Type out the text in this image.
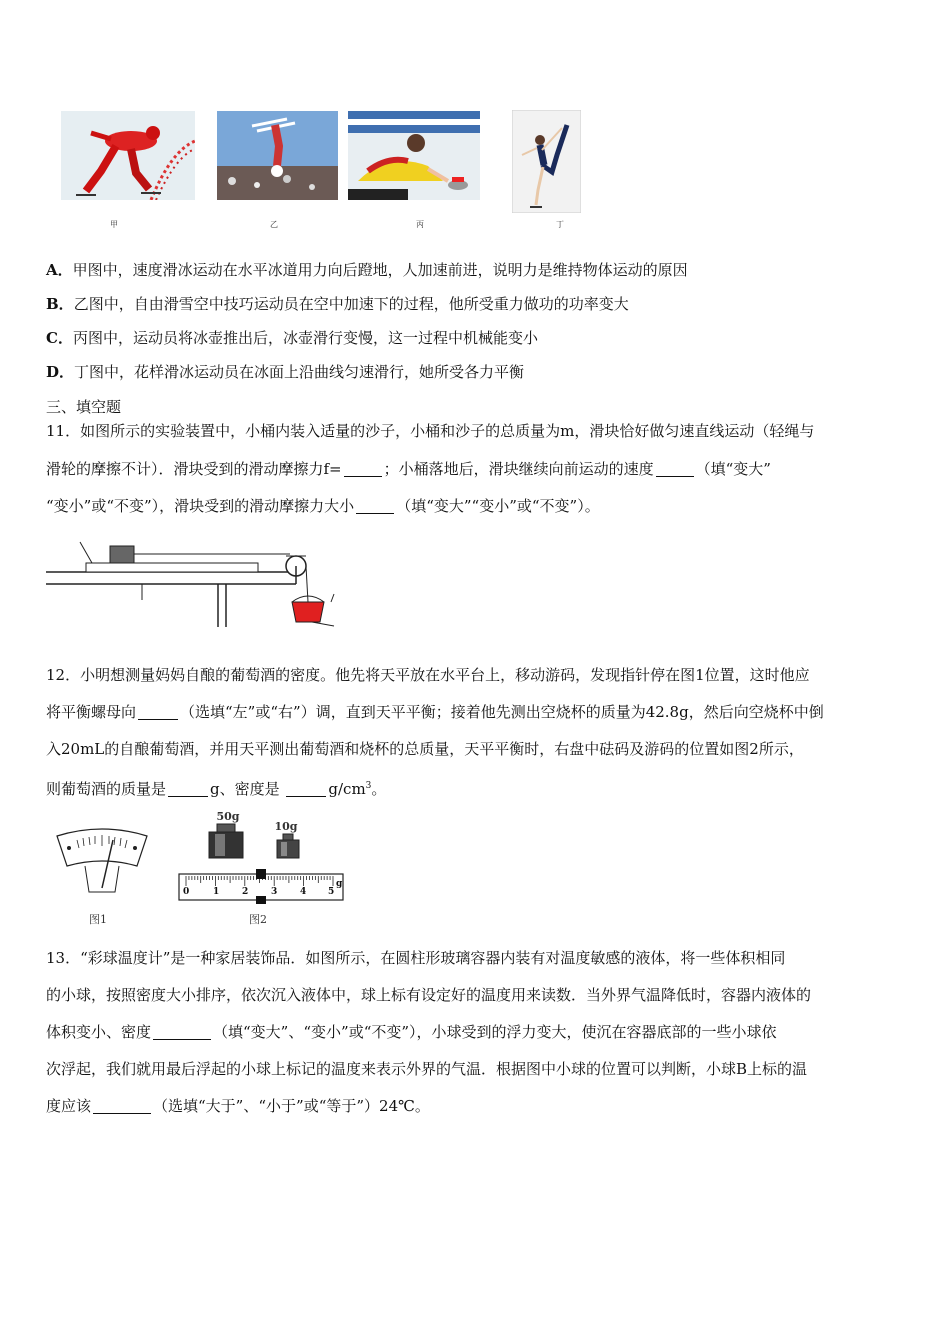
甲	乙	丙	丁
A．甲图中，速度滑冰运动在水平冰道用力向后蹬地，人加速前进，说明力是维持物体运动的原因
B．乙图中，自由滑雪空中技巧运动员在空中加速下的过程，他所受重力做功的功率变大
C．丙图中，运动员将冰壶推出后，冰壶滑行变慢，这一过程中机械能变小
D．丁图中，花样滑冰运动员在冰面上沿曲线匀速滑行，她所受各力平衡
三、填空题
11．如图所示的实验装置中，小桶内装入适量的沙子，小桶和沙子的总质量为m，滑块恰好做匀速直线运动（轻绳与
滑轮的摩擦不计）．滑块受到的滑动摩擦力f=	；小桶落地后，滑块继续向前运动的速度	（填“变大”
“变小”或“不变”），滑块受到的滑动摩擦力大小	（填“变大”“变小”或“不变”）。
12．小明想测量妈妈自酿的葡萄酒的密度。他先将天平放在水平台上，移动游码，发现指针停在图1位置，这时他应
将平衡螺母向	（选填“左”或“右”）调，直到天平平衡；接着他先测出空烧杯的质量为42.8g，然后向空烧杯中倒
入20mL的自酿葡萄酒，并用天平测出葡萄酒和烧杯的总质量，天平平衡时，右盘中砝码及游码的位置如图2所示，
则葡萄酒的质量是	g、密度是	$g/cm^3$。
图1
50g
10g
0	1	2	3	4 5
g
图2
13．“彩球温度计”是一种家居装饰品．如图所示，在圆柱形玻璃容器内装有对温度敏感的液体，将一些体积相同
的小球，按照密度大小排序，依次沉入液体中，球上标有设定好的温度用来读数．当外界气温降低时，容器内液体的
体积变小、密度	（填“变大”、“变小”或“不变”），小球受到的浮力变大，使沉在容器底部的一些小球依
次浮起，我们就用最后浮起的小球上标记的温度来表示外界的气温．根据图中小球的位置可以判断，小球B上标的温
度应该	（选填“大于”、“小于”或“等于”）24℃。
